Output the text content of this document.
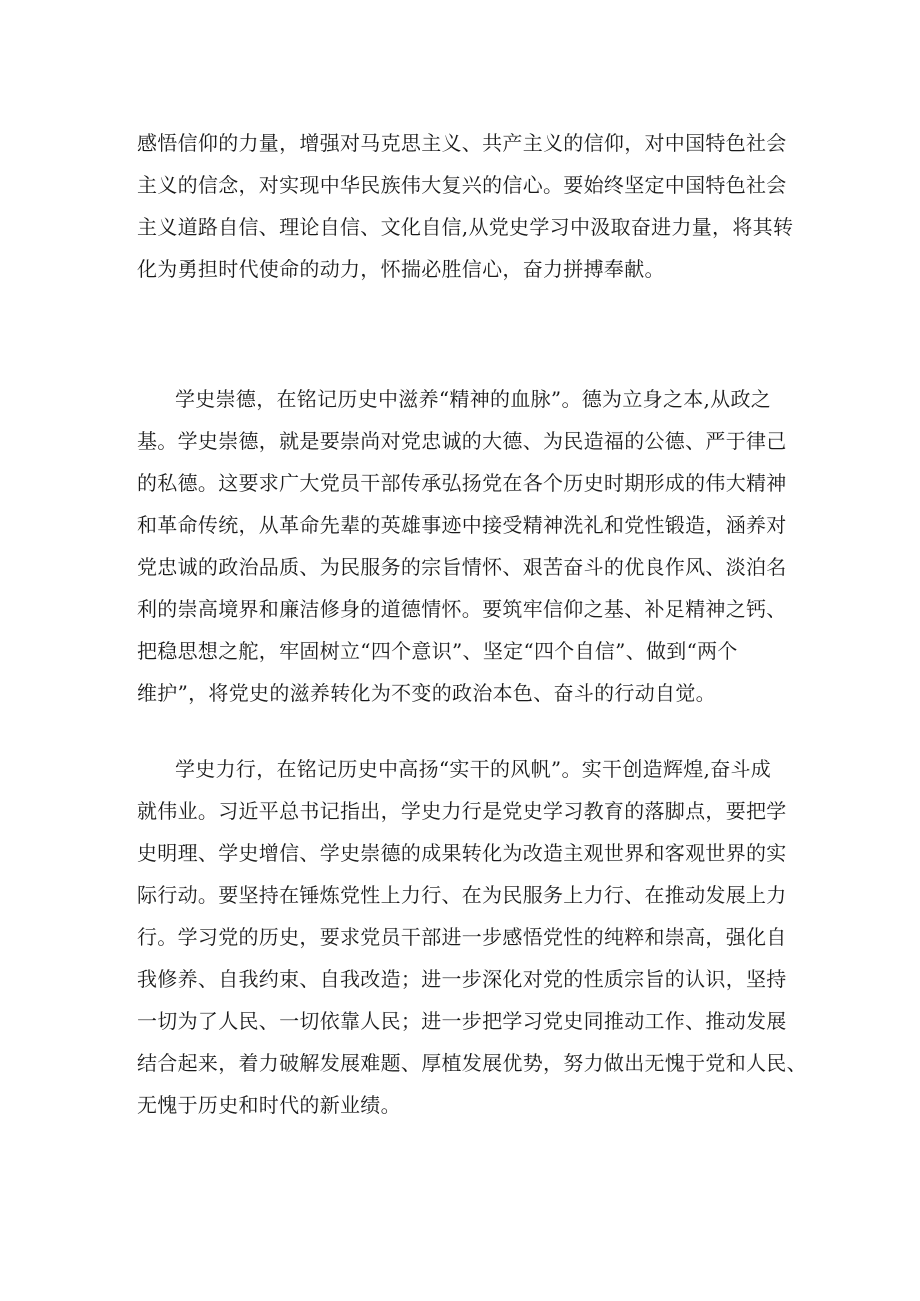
感悟信仰的力量，增强对马克思主义、共产主义的信仰，对中国特色社会
主义的信念，对实现中华民族伟大复兴的信心。要始终坚定中国特色社会
主义道路自信、理论自信、文化自信,从党史学习中汲取奋进力量，将其转
化为勇担时代使命的动力，怀揣必胜信心，奋力拼搏奉献。
学史崇德，在铭记历史中滋养“精神的血脉”。德为立身之本,从政之
基。学史崇德，就是要崇尚对党忠诚的大德、为民造福的公德、严于律己
的私德。这要求广大党员干部传承弘扬党在各个历史时期形成的伟大精神
和革命传统，从革命先辈的英雄事迹中接受精神洗礼和党性锻造，涵养对
党忠诚的政治品质、为民服务的宗旨情怀、艰苦奋斗的优良作风、淡泊名
利的崇高境界和廉洁修身的道德情怀。要筑牢信仰之基、补足精神之钙、
把稳思想之舵，牢固树立“四个意识”、坚定“四个自信”、做到“两个
维护”，将党史的滋养转化为不变的政治本色、奋斗的行动自觉。
学史力行，在铭记历史中高扬“实干的风帆”。实干创造辉煌,奋斗成
就伟业。习近平总书记指出，学史力行是党史学习教育的落脚点，要把学
史明理、学史增信、学史崇德的成果转化为改造主观世界和客观世界的实
际行动。要坚持在锤炼党性上力行、在为民服务上力行、在推动发展上力
行。学习党的历史，要求党员干部进一步感悟党性的纯粹和崇高，强化自
我修养、自我约束、自我改造；进一步深化对党的性质宗旨的认识，坚持
一切为了人民、一切依靠人民；进一步把学习党史同推动工作、推动发展
结合起来，着力破解发展难题、厚植发展优势，努力做出无愧于党和人民、
无愧于历史和时代的新业绩。
